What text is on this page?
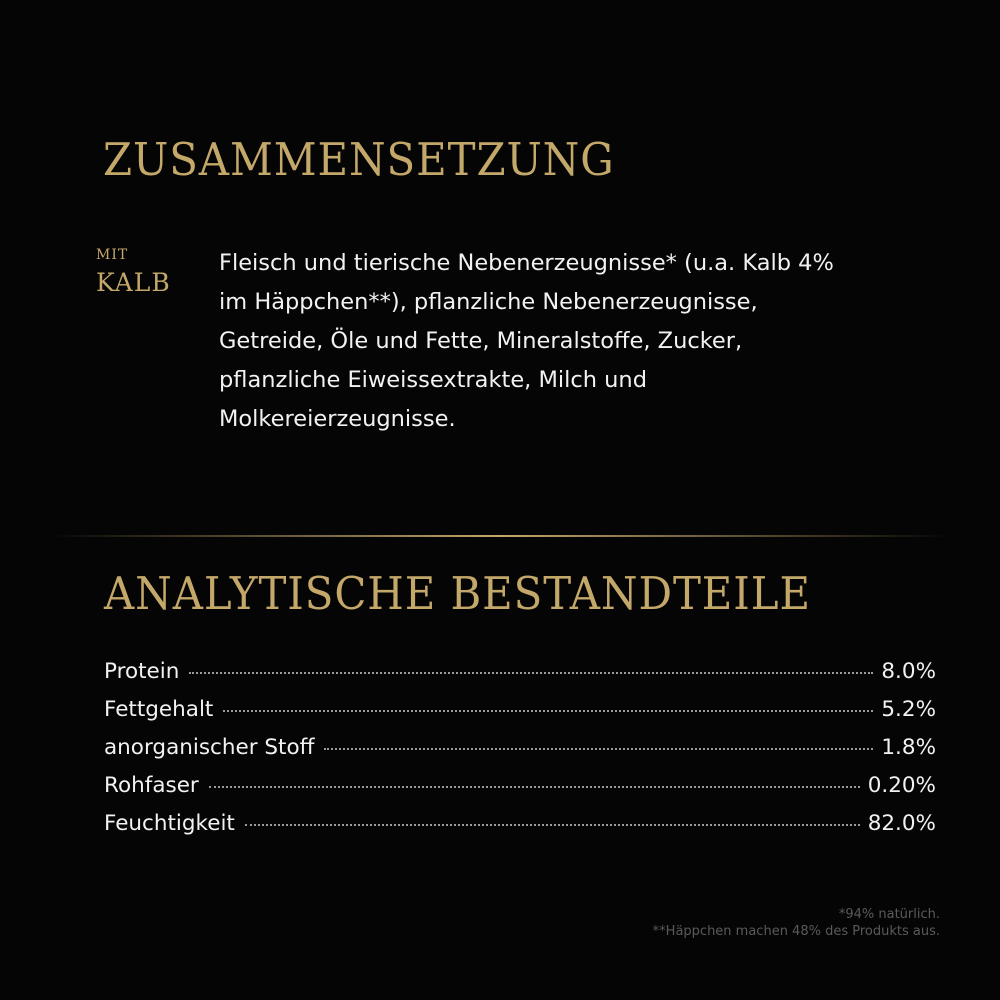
ZUSAMMENSETZUNG
MIT
KALB

Fleisch und tierische Nebenerzeugnisse* (u.a. Kalb 4%
im Häppchen**), pflanzliche Nebenerzeugnisse,
Getreide, Öle und Fette, Mineralstoffe, Zucker,
pflanzliche Eiweissextrakte, Milch und
Molkereierzeugnisse.

ANALYTISCHE BESTANDTEILE
Protein	8.0%
Fettgehalt	5.2%
anorganischer Stoff	1.8%
Rohfaser	0.20%
Feuchtigkeit	82.0%
*94% natürlich.
**Häppchen machen 48% des Produkts aus.
